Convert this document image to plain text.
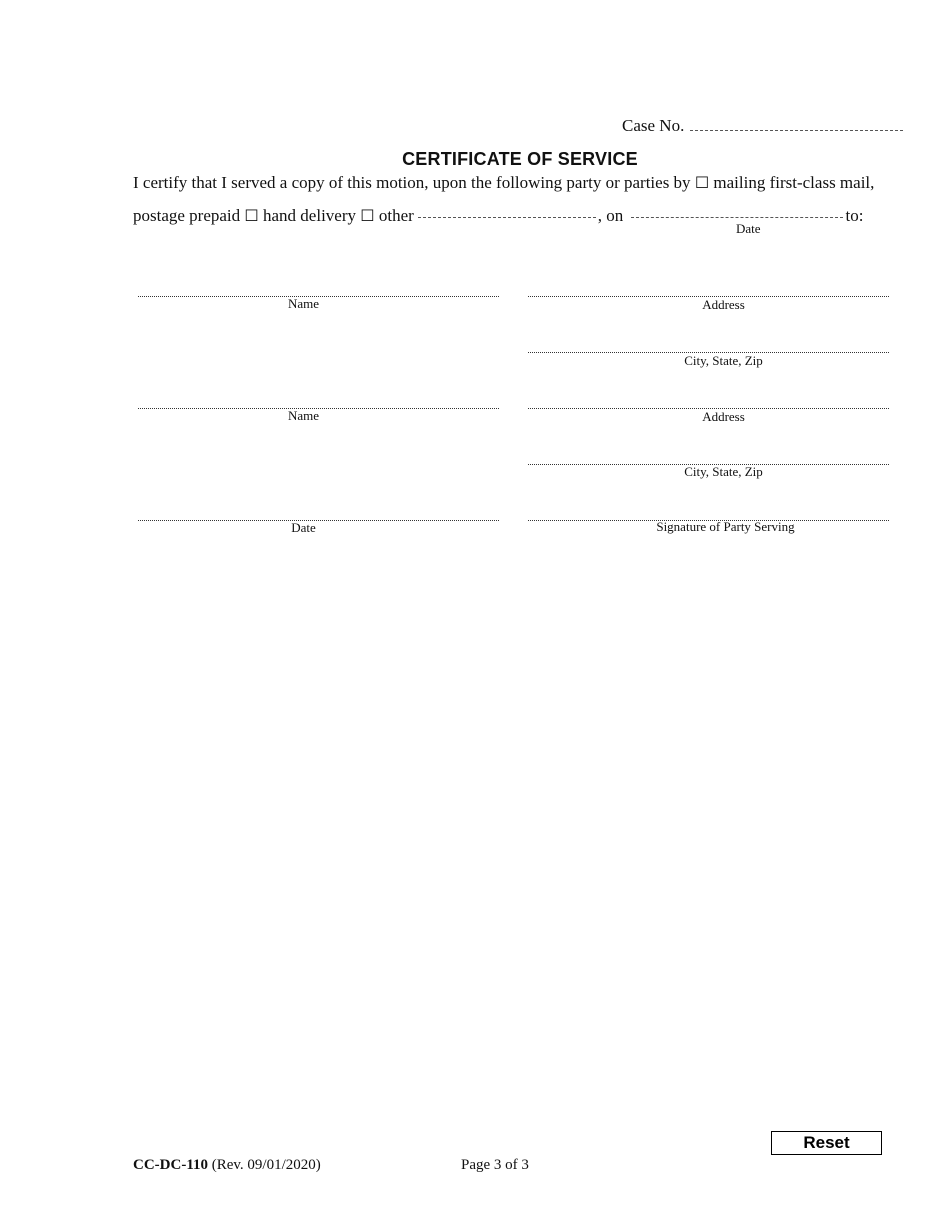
Case No.
CERTIFICATE OF SERVICE
I certify that I served a copy of this motion, upon the following party or parties by ☐ mailing first-class mail,
postage prepaid ☐ hand delivery ☐ other	, on	to:
Date
Name	Address
City, State, Zip
Name	Address
City, State, Zip
Date	Signature of Party Serving
Reset
CC-DC-110 (Rev. 09/01/2020)	Page 3 of 3
